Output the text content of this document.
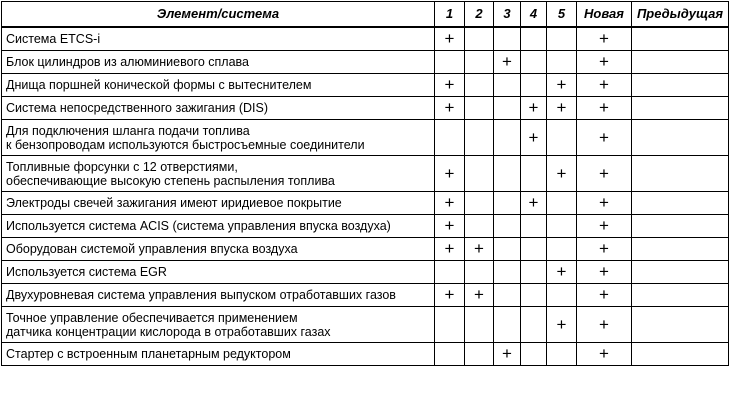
Элемент/система	1	2	3	4	5	Новая	Предыдущая
Система ETCS-i	+					+	
Блок цилиндров из алюминиевого сплава			+			+	
Днища поршней конической формы с вытеснителем	+				+	+	
Система непосредственного зажигания (DIS)	+			+	+	+	
Для подключения шланга подачи топлива
к бензопроводам используются быстросъемные соединители				+		+	
Топливные форсунки с 12 отверстиями,
обеспечивающие высокую степень распыления топлива	+				+	+	
Электроды свечей зажигания имеют иридиевое покрытие	+			+		+	
Используется система ACIS (система управления впуска воздуха)	+					+	
Оборудован системой управления впуска воздуха	+	+				+	
Используется система EGR					+	+	
Двухуровневая система управления выпуском отработавших газов	+	+				+	
Точное управление обеспечивается применением
датчика концентрации кислорода в отработавших газах					+	+	
Стартер с встроенным планетарным редуктором			+			+	
